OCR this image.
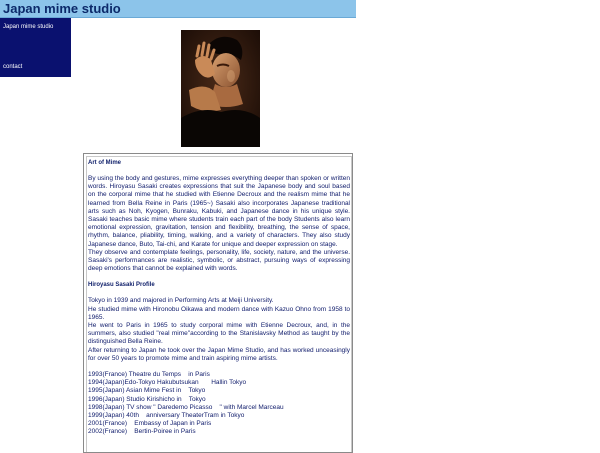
Japan mime studio
Japan mime studio
contact
Art of Mime

By using the body and gestures, mime expresses everything deeper than spoken or written words. Hiroyasu Sasaki creates expressions that suit the Japanese body and soul based on the corporal mime that he studied with Etienne Decroux and the realism mime that he learned from Bella Reine in Paris (1965~) Sasaki also incorporates Japanese traditional arts such as Noh, Kyogen, Bunraku, Kabuki, and Japanese dance in his unique style. Sasaki teaches basic mime where students train each part of the body Students also learn emotional expression, gravitation, tension and flexibility, breathing, the sense of space, rhythm, balance, pliability, timing, walking, and a variety of characters. They also study Japanese dance, Buto, Tai-chi, and Karate for unique and deeper expression on stage.

They observe and contemplate feelings, personality, life, society, nature, and the universe. Sasaki's performances are realistic, symbolic, or abstract, pursuing ways of expressing deep emotions that cannot be explained with words.

Hiroyasu Sasaki Profile

Tokyo in 1939 and majored in Performing Arts at Meiji University.

He studied mime with Hironobu Oikawa and modern dance with Kazuo Ohno from 1958 to 1965.

He went to Paris in 1965 to study corporal mime with Etienne Decroux, and, in the summers, also studied "real mime"according to the Stanislavsky Method as taught by the distinguished Bella Reine.

After returning to Japan he took over the Japan Mime Studio, and has worked unceasingly for over 50 years to promote mime and train aspiring mime artists.

1993(France) Theatre du Temps    in Paris
1994(Japan)Edo-Tokyo Hakubutsukan       Hallin Tokyo
1995(Japan) Asian Mime Fest in    Tokyo
1996(Japan) Studio Kirishicho in    Tokyo
1998(Japan) TV show " Daredemo Picasso    " with Marcel Marceau
1999(Japan) 40th    anniversary TheaterTram in Tokyo
2001(France)    Embassy of Japan in Paris
2002(France)    Bertin-Poiree in Paris
